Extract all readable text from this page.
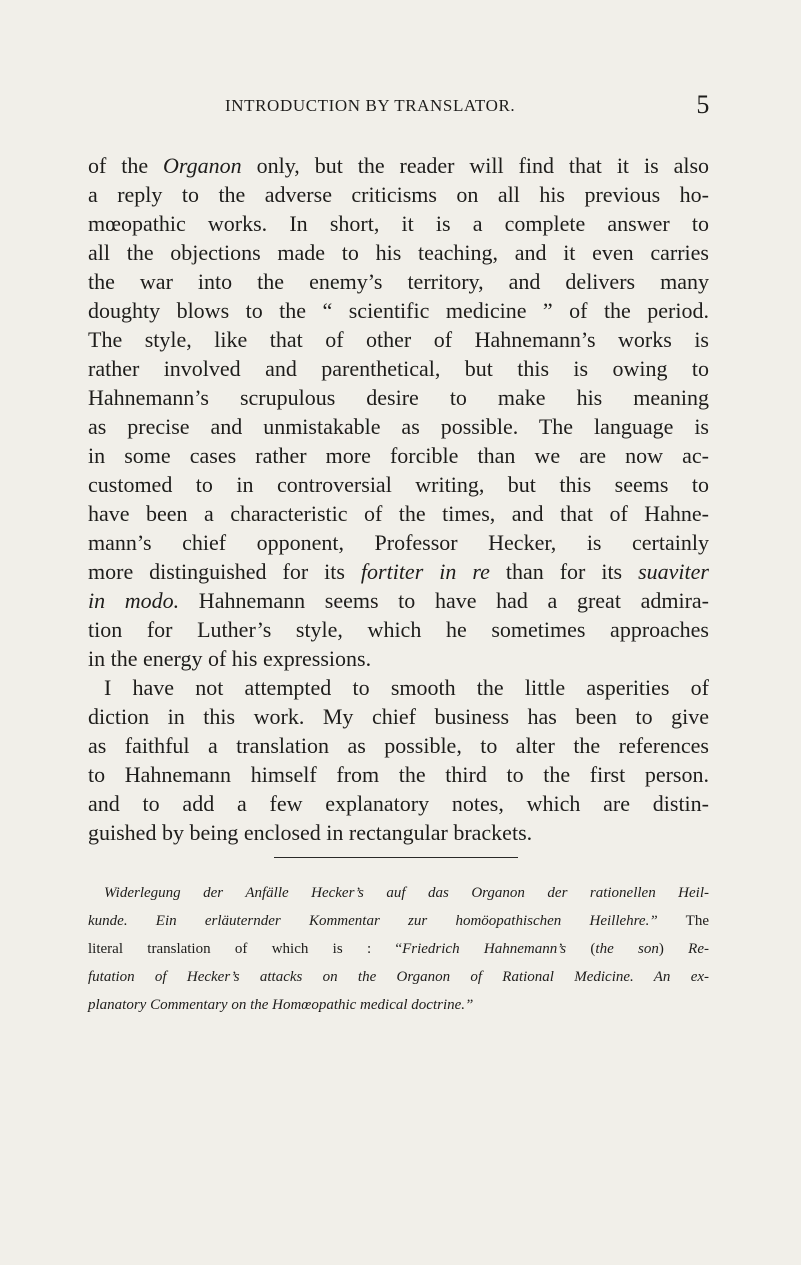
INTRODUCTION BY TRANSLATOR.	5
of the Organon only, but the reader will find that it is also
a reply to the adverse criticisms on all his previous ho-
mœopathic works. In short, it is a complete answer to
all the objections made to his teaching, and it even carries
the war into the enemy’s territory, and delivers many
doughty blows to the “ scientific medicine ” of the period.
The style, like that of other of Hahnemann’s works is
rather involved and parenthetical, but this is owing to
Hahnemann’s scrupulous desire to make his meaning
as precise and unmistakable as possible. The language is
in some cases rather more forcible than we are now ac-
customed to in controversial writing, but this seems to
have been a characteristic of the times, and that of Hahne-
mann’s chief opponent, Professor Hecker, is certainly
more distinguished for its fortiter in re than for its suaviter
in modo. Hahnemann seems to have had a great admira-
tion for Luther’s style, which he sometimes approaches
in the energy of his expressions.
I have not attempted to smooth the little asperities of
diction in this work. My chief business has been to give
as faithful a translation as possible, to alter the references
to Hahnemann himself from the third to the first person.
and to add a few explanatory notes, which are distin-
guished by being enclosed in rectangular brackets.
Widerlegung der Anfälle Hecker’s auf das Organon der rationellen Heil-
kunde. Ein erläuternder Kommentar zur homöopathischen Heillehre.” The
literal translation of which is : “Friedrich Hahnemann’s (the son) Re-
futation of Hecker’s attacks on the Organon of Rational Medicine. An ex-
planatory Commentary on the Homœopathic medical doctrine.”
